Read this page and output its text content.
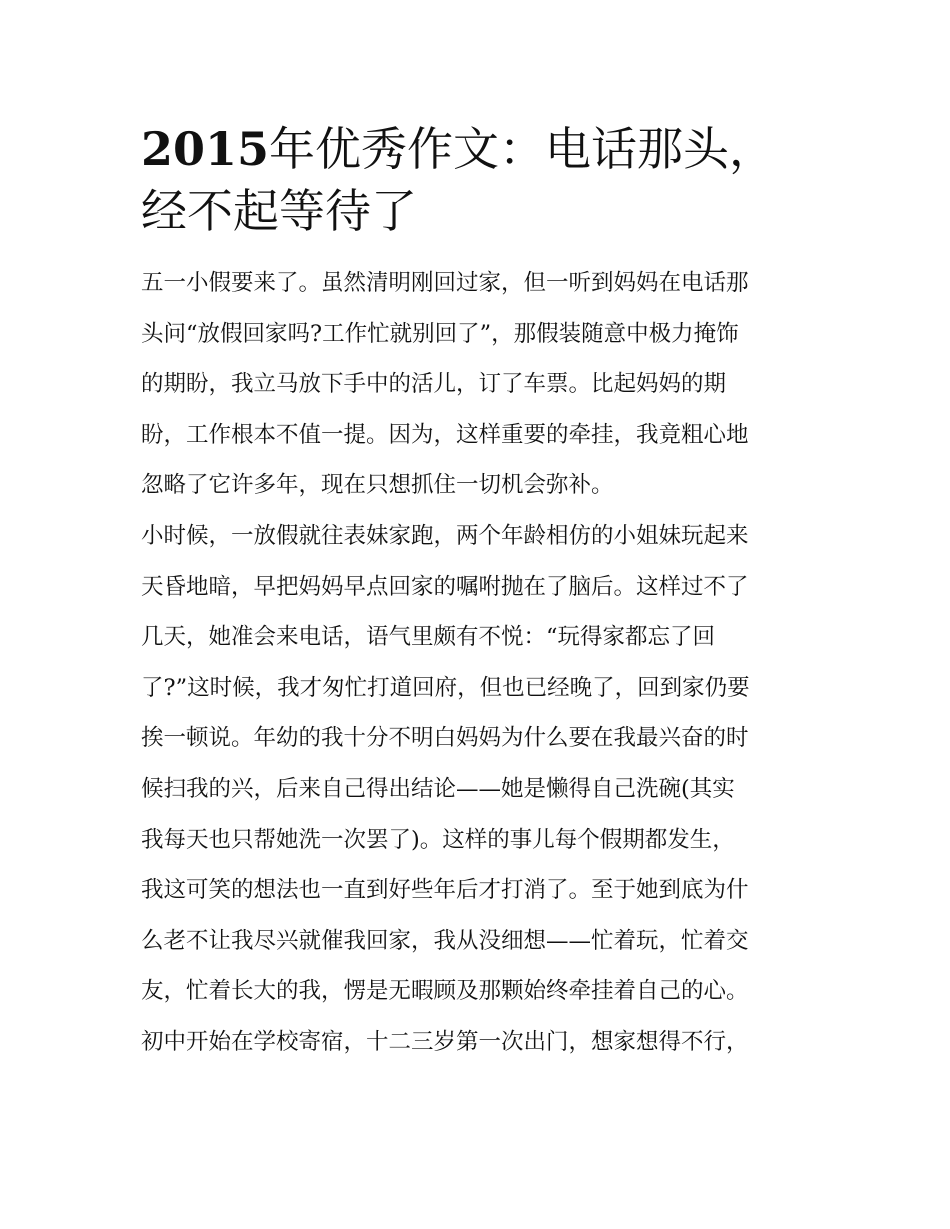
2015年优秀作文：电话那头，
经不起等待了
五一小假要来了。虽然清明刚回过家，但一听到妈妈在电话那
头问“放假回家吗?工作忙就别回了”，那假装随意中极力掩饰
的期盼，我立马放下手中的活儿，订了车票。比起妈妈的期
盼，工作根本不值一提。因为，这样重要的牵挂，我竟粗心地
忽略了它许多年，现在只想抓住一切机会弥补。
小时候，一放假就往表妹家跑，两个年龄相仿的小姐妹玩起来
天昏地暗，早把妈妈早点回家的嘱咐抛在了脑后。这样过不了
几天，她准会来电话，语气里颇有不悦：“玩得家都忘了回
了?”这时候，我才匆忙打道回府，但也已经晚了，回到家仍要
挨一顿说。年幼的我十分不明白妈妈为什么要在我最兴奋的时
候扫我的兴，后来自己得出结论——她是懒得自己洗碗(其实
我每天也只帮她洗一次罢了)。这样的事儿每个假期都发生，
我这可笑的想法也一直到好些年后才打消了。至于她到底为什
么老不让我尽兴就催我回家，我从没细想——忙着玩，忙着交
友，忙着长大的我，愣是无暇顾及那颗始终牵挂着自己的心。
初中开始在学校寄宿，十二三岁第一次出门，想家想得不行，
